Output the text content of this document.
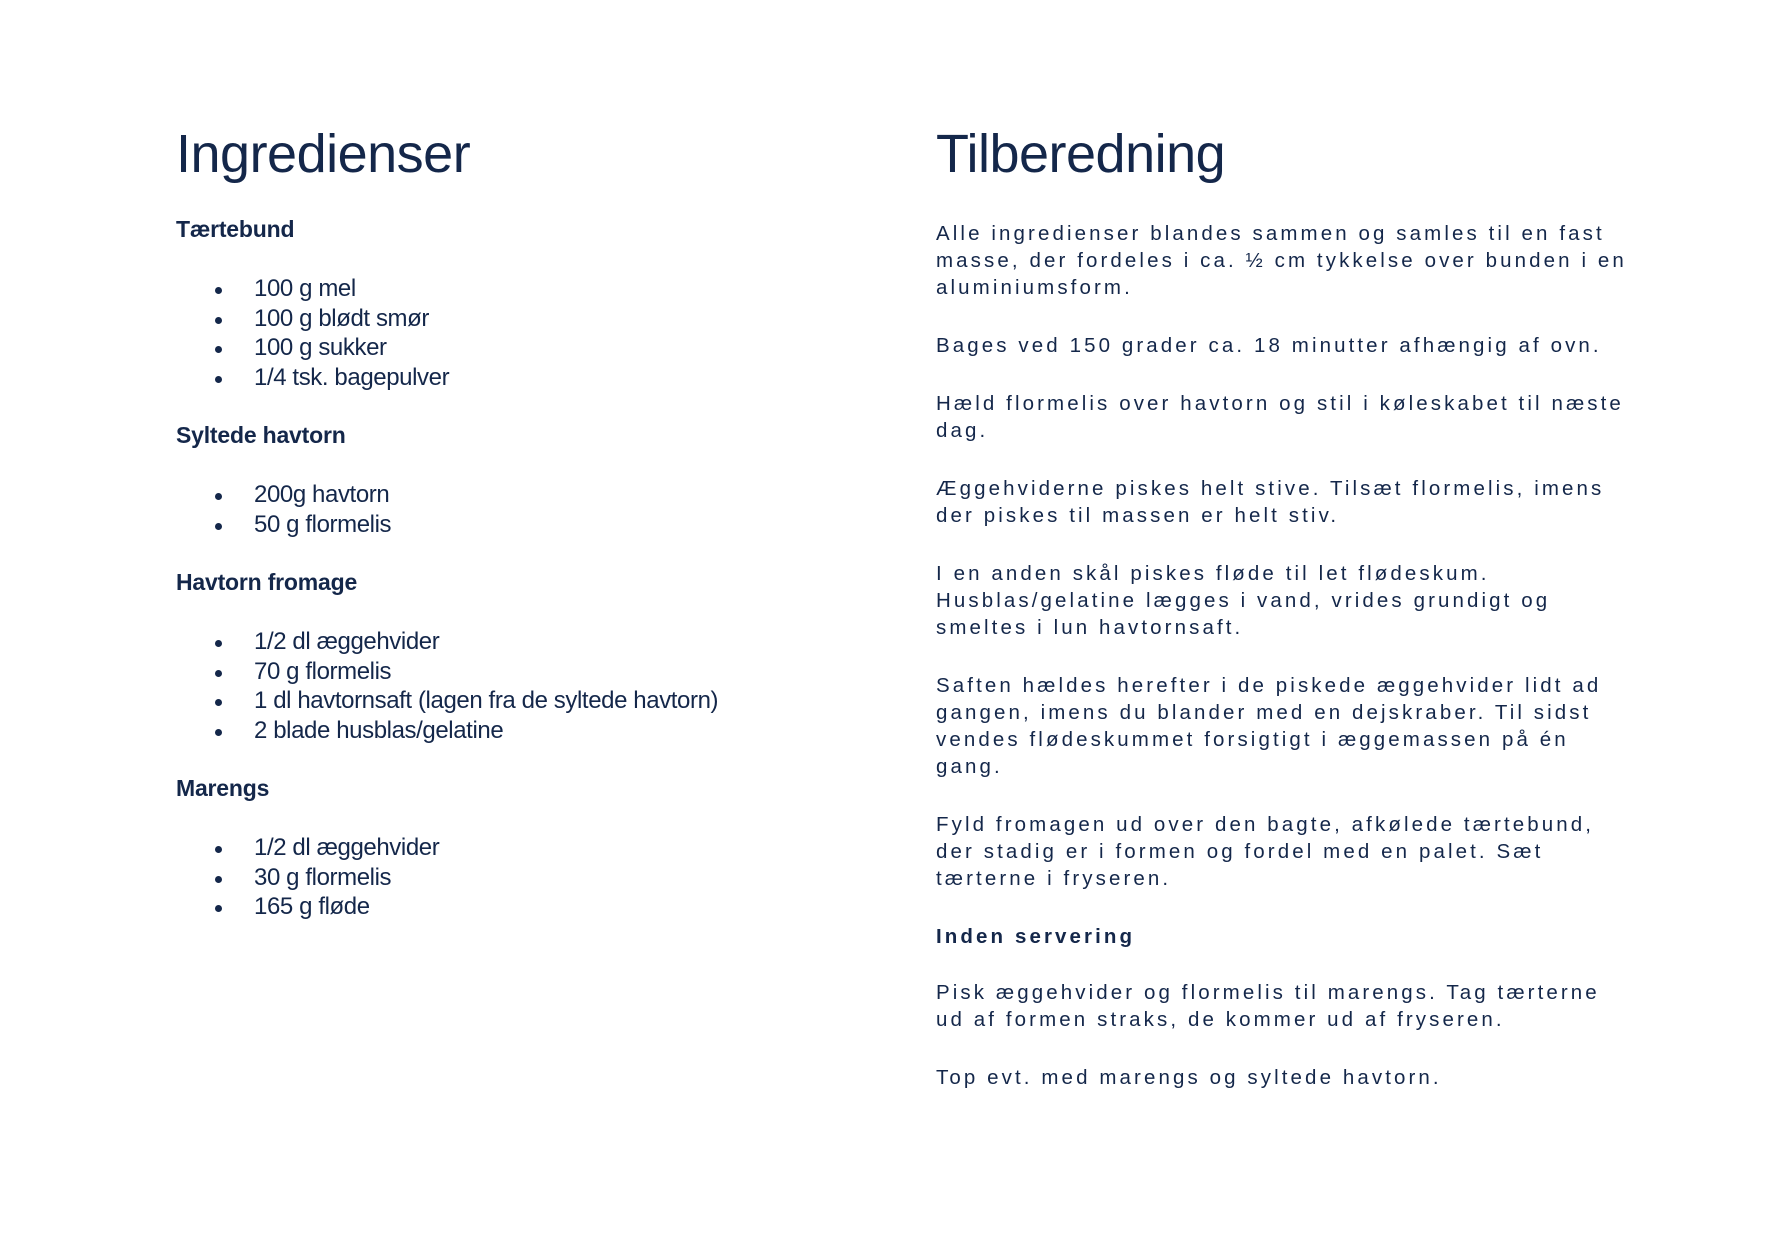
Ingredienser
Tærtebund
100 g mel
100 g blødt smør
100 g sukker
1/4 tsk. bagepulver
Syltede havtorn
200g havtorn
50 g flormelis
Havtorn fromage
1/2 dl æggehvider
70 g flormelis
1 dl havtornsaft (lagen fra de syltede havtorn)
2 blade husblas/gelatine
Marengs
1/2 dl æggehvider
30 g flormelis
165 g fløde
Tilberedning

Alle ingredienser blandes sammen og samles til en fast masse, der fordeles i ca. ½ cm tykkelse over bunden i en aluminiumsform.

Bages ved 150 grader ca. 18 minutter afhængig af ovn.

Hæld flormelis over havtorn og stil i køleskabet til næste dag.

Æggehviderne piskes helt stive. Tilsæt flormelis, imens der piskes til massen er helt stiv.

I en anden skål piskes fløde til let flødeskum. Husblas/gelatine lægges i vand, vrides grundigt og smeltes i lun havtornsaft.

Saften hældes herefter i de piskede æggehvider lidt ad gangen, imens du blander med en dejskraber. Til sidst vendes flødeskummet forsigtigt i æggemassen på én gang.

Fyld fromagen ud over den bagte, afkølede tærtebund, der stadig er i formen og fordel med en palet. Sæt tærterne i fryseren.

Inden servering

Pisk æggehvider og flormelis til marengs. Tag tærterne ud af formen straks, de kommer ud af fryseren.

Top evt. med marengs og syltede havtorn.
